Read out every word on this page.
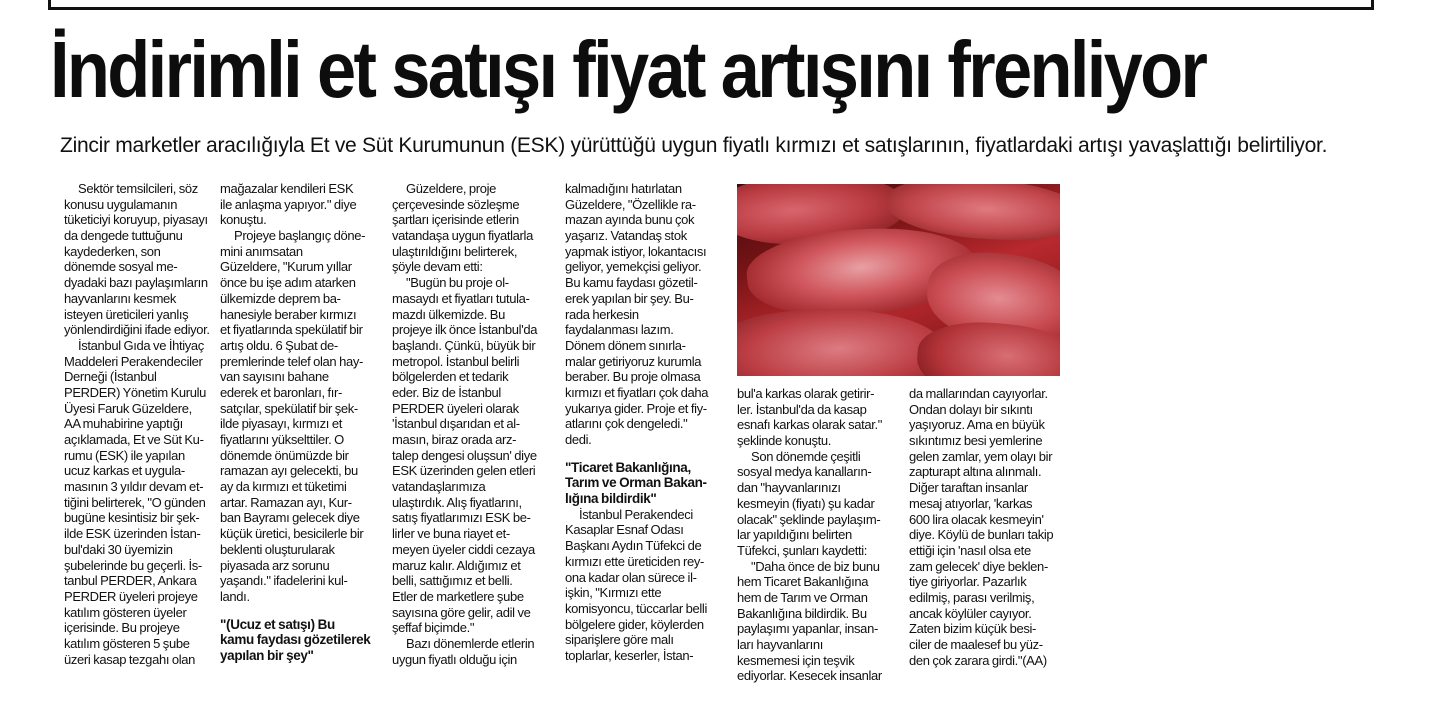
İndirimli et satışı fiyat artışını frenliyor
Zincir marketler aracılığıyla Et ve Süt Kurumunun (ESK) yürüttüğü uygun fiyatlı kırmızı et satışlarının, fiyatlardaki artışı yavaşlattığı belirtiliyor.
Sektör temsilcileri, söz
konusu uygulamanın
tüketiciyi koruyup, piyasayı
da dengede tuttuğunu
kaydederken, son
dönemde sosyal me-
dyadaki bazı paylaşımların
hayvanlarını kesmek
isteyen üreticileri yanlış
yönlendirdiğini ifade ediyor.
İstanbul Gıda ve İhtiyaç
Maddeleri Perakendeciler
Derneği (İstanbul
PERDER) Yönetim Kurulu
Üyesi Faruk Güzeldere,
AA muhabirine yaptığı
açıklamada, Et ve Süt Ku-
rumu (ESK) ile yapılan
ucuz karkas et uygula-
masının 3 yıldır devam et-
tiğini belirterek, "O günden
bugüne kesintisiz bir şek-
ilde ESK üzerinden İstan-
bul'daki 30 üyemizin
şubelerinde bu geçerli. İs-
tanbul PERDER, Ankara
PERDER üyeleri projeye
katılım gösteren üyeler
içerisinde. Bu projeye
katılım gösteren 5 şube
üzeri kasap tezgahı olan
mağazalar kendileri ESK
ile anlaşma yapıyor." diye
konuştu.
Projeye başlangıç döne-
mini anımsatan
Güzeldere, "Kurum yıllar
önce bu işe adım atarken
ülkemizde deprem ba-
hanesiyle beraber kırmızı
et fiyatlarında spekülatif bir
artış oldu. 6 Şubat de-
premlerinde telef olan hay-
van sayısını bahane
ederek et baronları, fır-
satçılar, spekülatif bir şek-
ilde piyasayı, kırmızı et
fiyatlarını yükselttiler. O
dönemde önümüzde bir
ramazan ayı gelecekti, bu
ay da kırmızı et tüketimi
artar. Ramazan ayı, Kur-
ban Bayramı gelecek diye
küçük üretici, besicilerle bir
beklenti oluşturularak
piyasada arz sorunu
yaşandı." ifadelerini kul-
landı.
"(Ucuz et satışı) Bu
kamu faydası gözetilerek
yapılan bir şey"
Güzeldere, proje
çerçevesinde sözleşme
şartları içerisinde etlerin
vatandaşa uygun fiyatlarla
ulaştırıldığını belirterek,
şöyle devam etti:
"Bugün bu proje ol-
masaydı et fiyatları tutula-
mazdı ülkemizde. Bu
projeye ilk önce İstanbul'da
başlandı. Çünkü, büyük bir
metropol. İstanbul belirli
bölgelerden et tedarik
eder. Biz de İstanbul
PERDER üyeleri olarak
'İstanbul dışarıdan et al-
masın, biraz orada arz-
talep dengesi oluşsun' diye
ESK üzerinden gelen etleri
vatandaşlarımıza
ulaştırdık. Alış fiyatlarını,
satış fiyatlarımızı ESK be-
lirler ve buna riayet et-
meyen üyeler ciddi cezaya
maruz kalır. Aldığımız et
belli, sattığımız et belli.
Etler de marketlere şube
sayısına göre gelir, adil ve
şeffaf biçimde."
Bazı dönemlerde etlerin
uygun fiyatlı olduğu için
kalmadığını hatırlatan
Güzeldere, "Özellikle ra-
mazan ayında bunu çok
yaşarız. Vatandaş stok
yapmak istiyor, lokantacısı
geliyor, yemekçisi geliyor.
Bu kamu faydası gözetil-
erek yapılan bir şey. Bu-
rada herkesin
faydalanması lazım.
Dönem dönem sınırla-
malar getiriyoruz kurumla
beraber. Bu proje olmasa
kırmızı et fiyatları çok daha
yukarıya gider. Proje et fiy-
atlarını çok dengeledi."
dedi.
"Ticaret Bakanlığına,
Tarım ve Orman Bakan-
lığına bildirdik"
İstanbul Perakendeci
Kasaplar Esnaf Odası
Başkanı Aydın Tüfekci de
kırmızı ette üreticiden rey-
ona kadar olan sürece il-
işkin, "Kırmızı ette
komisyoncu, tüccarlar belli
bölgelere gider, köylerden
siparişlere göre malı
toplarlar, keserler, İstan-
bul'a karkas olarak getirir-
ler. İstanbul'da da kasap
esnafı karkas olarak satar."
şeklinde konuştu.
Son dönemde çeşitli
sosyal medya kanalların-
dan "hayvanlarınızı
kesmeyin (fiyatı) şu kadar
olacak" şeklinde paylaşım-
lar yapıldığını belirten
Tüfekci, şunları kaydetti:
"Daha önce de biz bunu
hem Ticaret Bakanlığına
hem de Tarım ve Orman
Bakanlığına bildirdik. Bu
paylaşımı yapanlar, insan-
ları hayvanlarını
kesmemesi için teşvik
ediyorlar. Kesecek insanlar
da mallarından cayıyorlar.
Ondan dolayı bir sıkıntı
yaşıyoruz. Ama en büyük
sıkıntımız besi yemlerine
gelen zamlar, yem olayı bir
zapturapt altına alınmalı.
Diğer taraftan insanlar
mesaj atıyorlar, 'karkas
600 lira olacak kesmeyin'
diye. Köylü de bunları takip
ettiği için 'nasıl olsa ete
zam gelecek' diye beklen-
tiye giriyorlar. Pazarlık
edilmiş, parası verilmiş,
ancak köylüler cayıyor.
Zaten bizim küçük besi-
ciler de maalesef bu yüz-
den çok zarara girdi."(AA)
